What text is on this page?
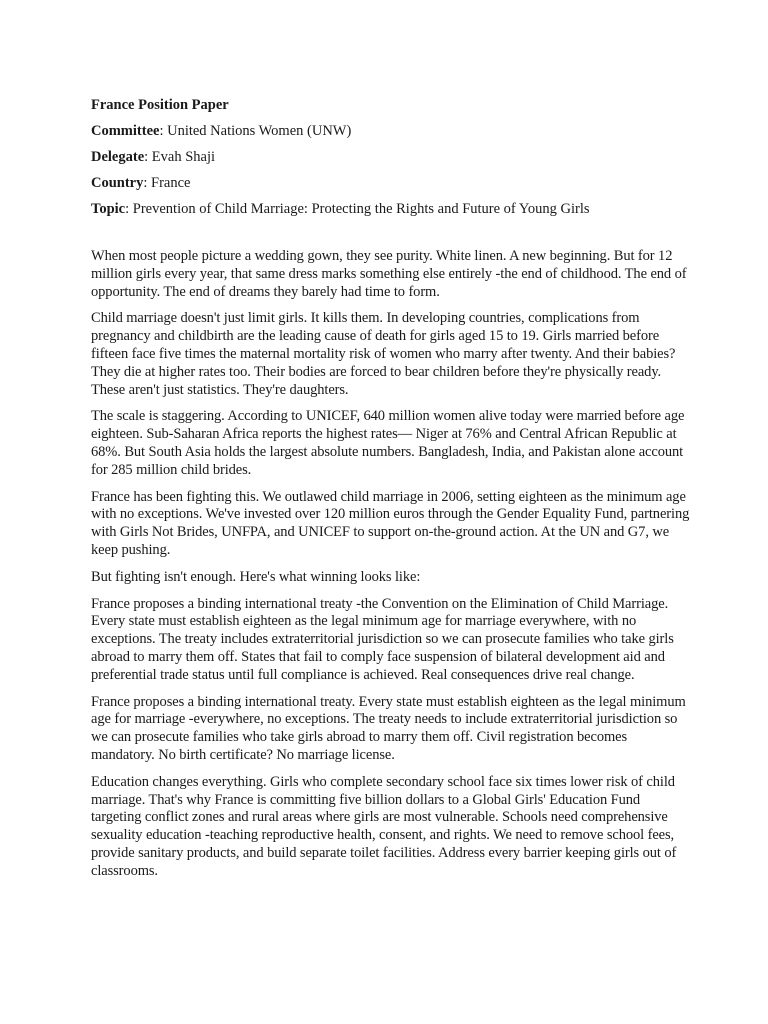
France Position Paper
Committee: United Nations Women (UNW)
Delegate: Evah Shaji
Country: France
Topic: Prevention of Child Marriage: Protecting the Rights and Future of Young Girls

When most people picture a wedding gown, they see purity. White linen. A new beginning. But for 12 million girls every year, that same dress marks something else entirely -the end of childhood. The end of opportunity. The end of dreams they barely had time to form.

Child marriage doesn't just limit girls. It kills them. In developing countries, complications from pregnancy and childbirth are the leading cause of death for girls aged 15 to 19. Girls married before fifteen face five times the maternal mortality risk of women who marry after twenty. And their babies? They die at higher rates too. Their bodies are forced to bear children before they're physically ready. These aren't just statistics. They're daughters.

The scale is staggering. According to UNICEF, 640 million women alive today were married before age eighteen. Sub-Saharan Africa reports the highest rates— Niger at 76% and Central African Republic at 68%. But South Asia holds the largest absolute numbers. Bangladesh, India, and Pakistan alone account for 285 million child brides.

France has been fighting this. We outlawed child marriage in 2006, setting eighteen as the minimum age with no exceptions. We've invested over 120 million euros through the Gender Equality Fund, partnering with Girls Not Brides, UNFPA, and UNICEF to support on-the-ground action. At the UN and G7, we keep pushing.

But fighting isn't enough. Here's what winning looks like:

France proposes a binding international treaty -the Convention on the Elimination of Child Marriage. Every state must establish eighteen as the legal minimum age for marriage everywhere, with no exceptions. The treaty includes extraterritorial jurisdiction so we can prosecute families who take girls abroad to marry them off. States that fail to comply face suspension of bilateral development aid and preferential trade status until full compliance is achieved. Real consequences drive real change.

France proposes a binding international treaty. Every state must establish eighteen as the legal minimum age for marriage -everywhere, no exceptions. The treaty needs to include extraterritorial jurisdiction so we can prosecute families who take girls abroad to marry them off. Civil registration becomes mandatory. No birth certificate? No marriage license.

Education changes everything. Girls who complete secondary school face six times lower risk of child marriage. That's why France is committing five billion dollars to a Global Girls' Education Fund targeting conflict zones and rural areas where girls are most vulnerable. Schools need comprehensive sexuality education -teaching reproductive health, consent, and rights. We need to remove school fees, provide sanitary products, and build separate toilet facilities. Address every barrier keeping girls out of classrooms.
